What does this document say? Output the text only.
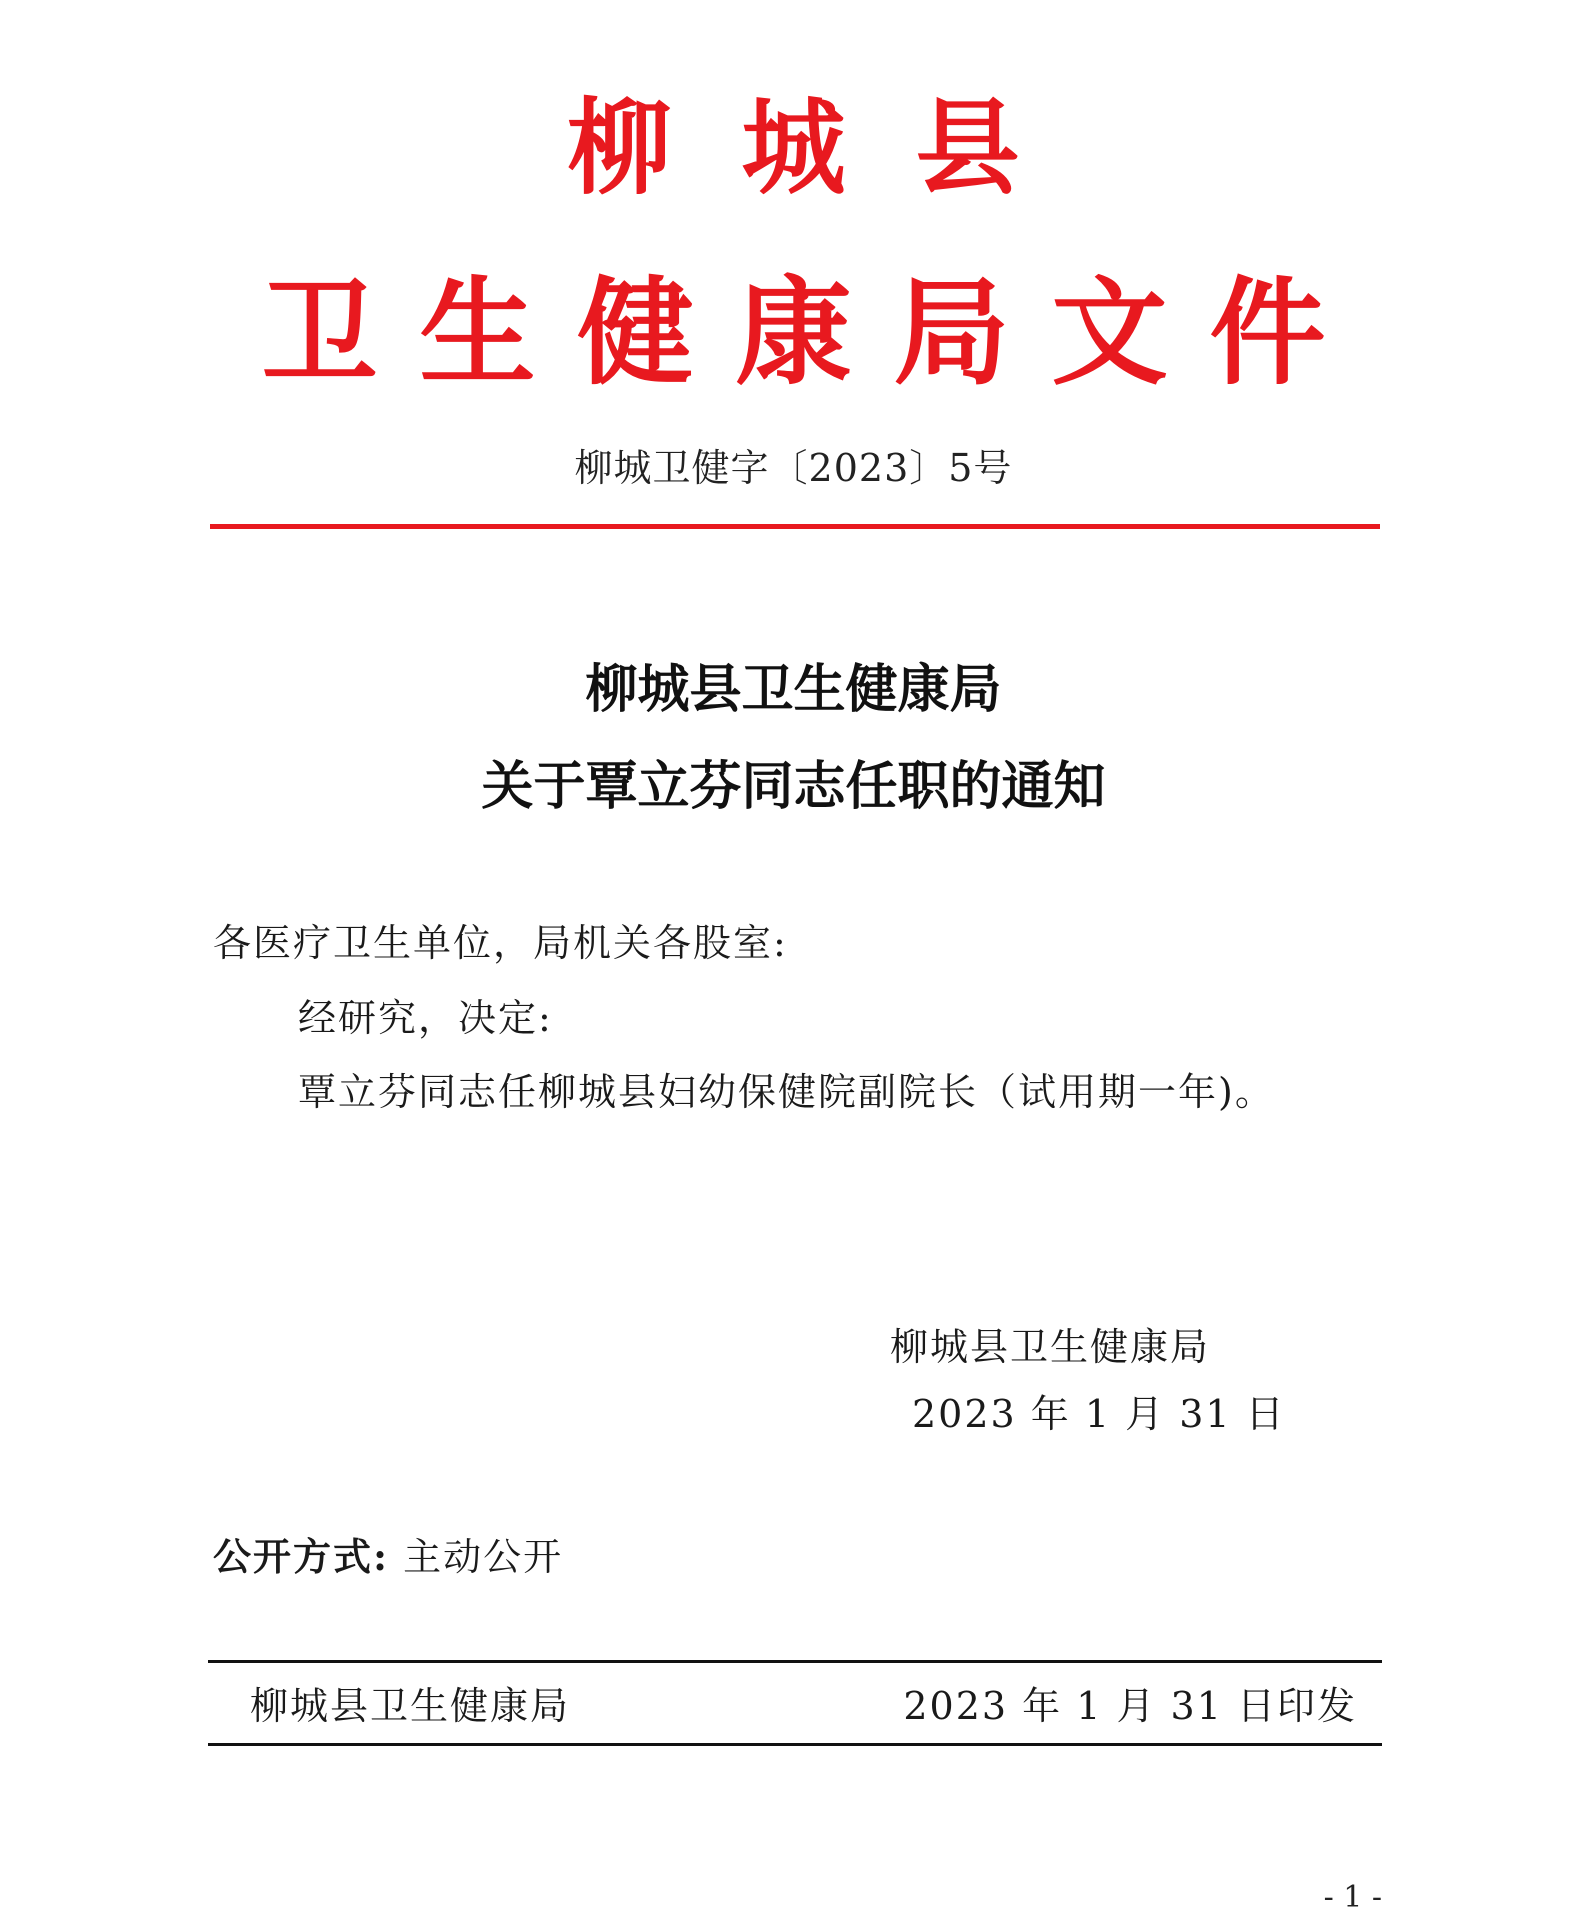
柳城县
卫生健康局文件
柳城卫健字〔2023〕5号
柳城县卫生健康局
关于覃立芬同志任职的通知
各医疗卫生单位，局机关各股室:
经研究，决定:
覃立芬同志任柳城县妇幼保健院副院长（试用期一年)。
柳城县卫生健康局
2023 年 1 月 31 日
公开方式: 主动公开
柳城县卫生健康局	2023 年 1 月 31 日印发
- 1 -
